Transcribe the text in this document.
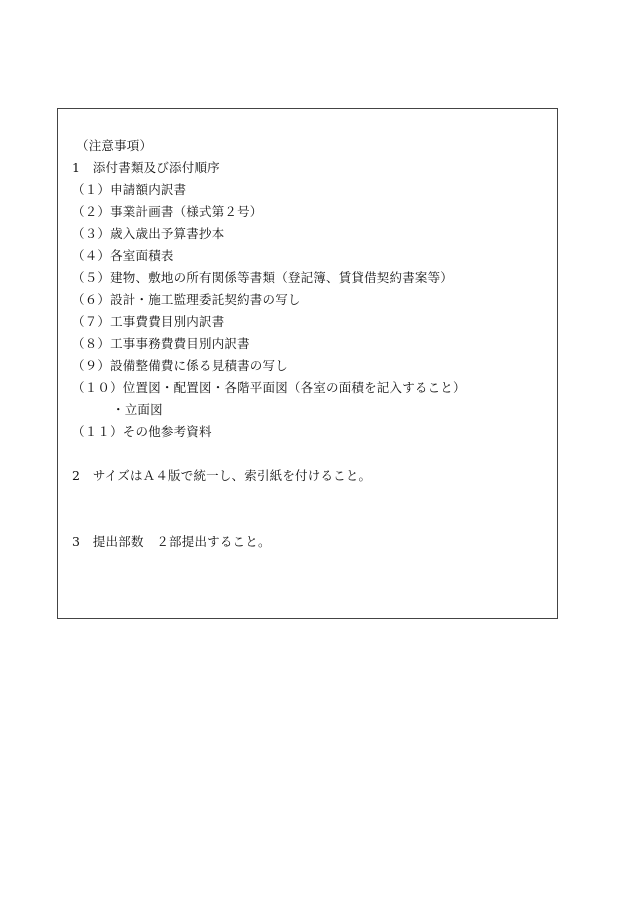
（注意事項）
1　添付書類及び添付順序
（１）申請額内訳書
（２）事業計画書（様式第２号）
（３）歳入歳出予算書抄本
（４）各室面積表
（５）建物、敷地の所有関係等書類（登記簿、賃貸借契約書案等）
（６）設計・施工監理委託契約書の写し
（７）工事費費目別内訳書
（８）工事事務費費目別内訳書
（９）設備整備費に係る見積書の写し
（１０）位置図・配置図・各階平面図（各室の面積を記入すること）
・立面図
（１１）その他参考資料
2　サイズはＡ４版で統一し、索引紙を付けること。
3　提出部数　２部提出すること。
